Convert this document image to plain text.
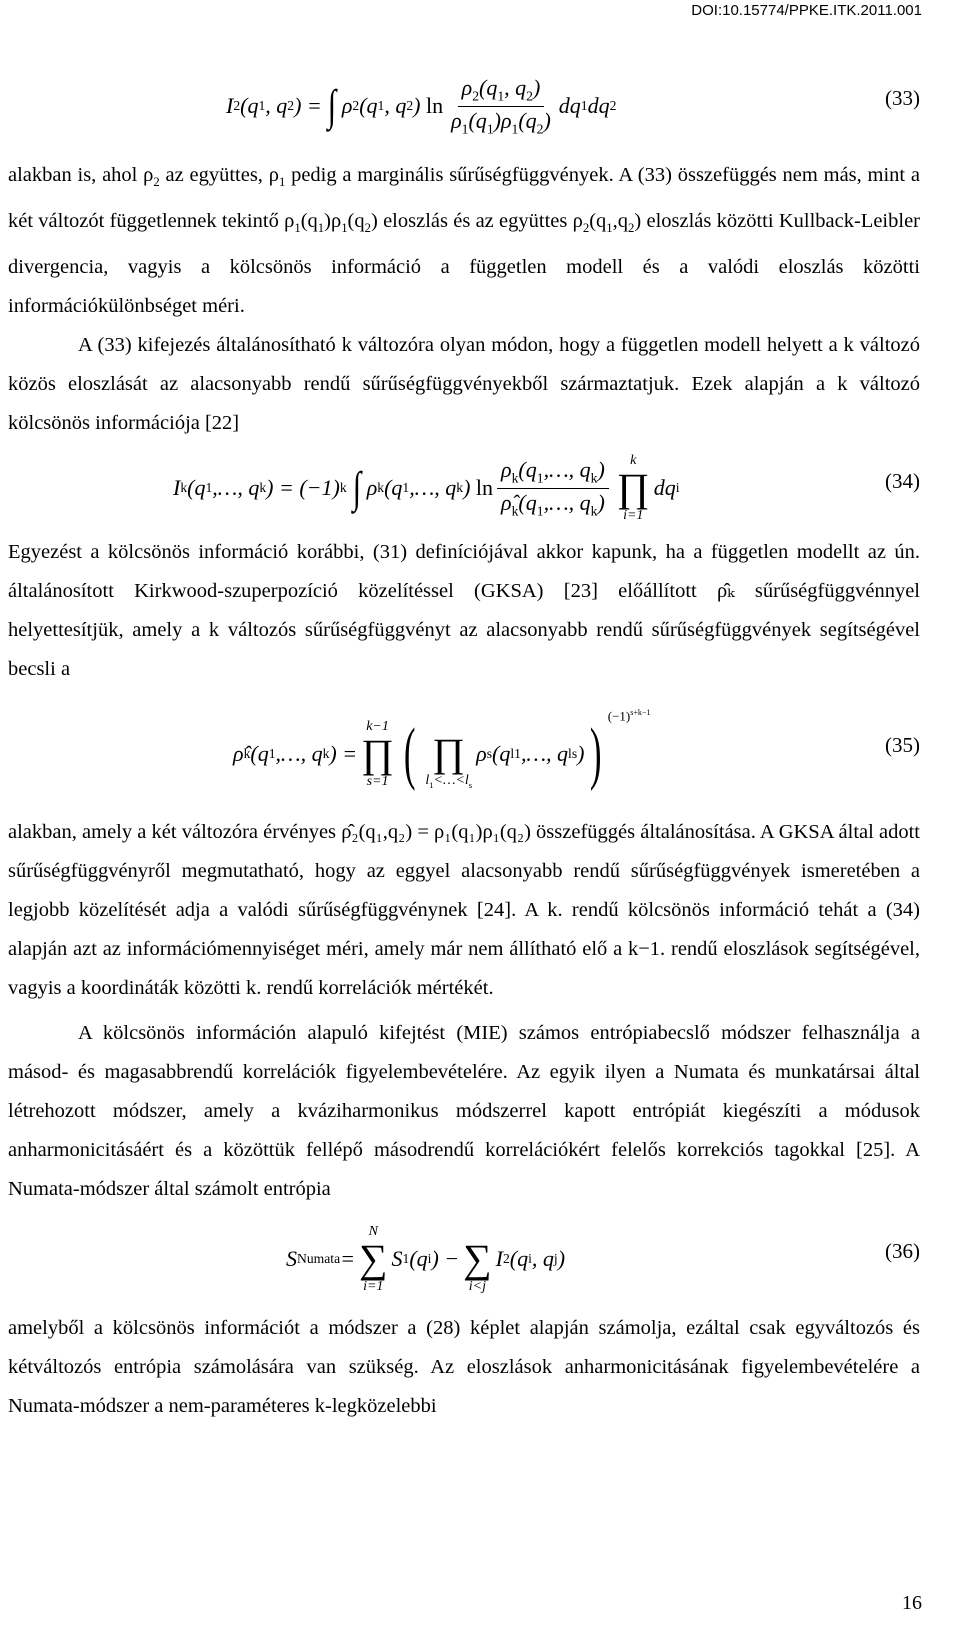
DOI:10.15774/PPKE.ITK.2011.001
I 2 (q 1 , q 2 ) = ∫ ρ 2 (q 1 , q 2 ) $\ln \frac{\rho_2(q_1, q_2)}{\rho_1(q_1)\rho_1(q_2)}$ dq 1 dq 2	(33)

alakban is, ahol $\rho_2$ az együttes, $\rho_1$ pedig a marginális sűrűségfüggvények. A (33) összefüggés nem más, mint a két változót függetlennek tekintő $\rho_1(q_1)\rho_1(q_2)$ eloszlás és az együttes $\rho_2(q_1,q_2)$ eloszlás közötti Kullback-Leibler divergencia, vagyis a kölcsönös információ a független modell és a valódi eloszlás közötti információkülönbséget méri.

A (33) kifejezés általánosítható k változóra olyan módon, hogy a független modell helyett a k változó közös eloszlását az alacsonyabb rendű sűrűségfüggvényekből származtatjuk. Ezek alapján a k változó kölcsönös információja [22]

I k (q 1 ,…, q k ) = (−1) k ∫ ρ k (q 1 ,…, q k ) $\ln \frac{\rho_k(q_1,\dots, q_k)}{\rhô_k(q_1,\dots, q_k)}$ k
∏
i=1
dq i	(34)

Egyezést a kölcsönös információ korábbi, (31) definíciójával akkor kapunk, ha a független modellt az ún. általánosított Kirkwood-szuperpozíció közelítéssel (GKSA) [23] előállított ρ̂ₖ sűrűségfüggvénnyel helyettesítjük, amely a k változós sűrűségfüggvényt az alacsonyabb rendű sűrűségfüggvények segítségével becsli a

ρ̂ k (q 1 ,…, q k ) =
k−1
∏
s=1 (
∏
$l_1<\dots<l_s$
ρ s (q l1 ,…, q ls ) ) $^{(-1)^{s+k-1}}$
(35)

alakban, amely a két változóra érvényes ρ̂₂(q₁,q₂) = ρ₁(q₁)ρ₁(q₂) összefüggés általánosítása. A GKSA által adott sűrűségfüggvényről megmutatható, hogy az eggyel alacsonyabb rendű sűrűségfüggvények ismeretében a legjobb közelítését adja a valódi sűrűségfüggvénynek [24]. A k. rendű kölcsönös információ tehát a (34) alapján azt az információmennyiséget méri, amely már nem állítható elő a k−1. rendű eloszlások segítségével, vagyis a koordináták közötti k. rendű korrelációk mértékét.

A kölcsönös információn alapuló kifejtést (MIE) számos entrópiabecslő módszer felhasználja a másod- és magasabbrendű korrelációk figyelembevételére. Az egyik ilyen a Numata és munkatársai által létrehozott módszer, amely a kváziharmonikus módszerrel kapott entrópiát kiegészíti a módusok anharmonicitásáért és a közöttük fellépő másodrendű korrelációkért felelős korrekciós tagokkal [25]. A Numata-módszer által számolt entrópia

S Numata =
N
∑
i=1
S 1 (q i ) −
∑
i<j
I 2 (q i , q j )	(36)

amelyből a kölcsönös információt a módszer a (28) képlet alapján számolja, ezáltal csak egyváltozós és kétváltozós entrópia számolására van szükség. Az eloszlások anharmonicitásának figyelembevételére a Numata-módszer a nem-paraméteres k-legközelebbi

16
